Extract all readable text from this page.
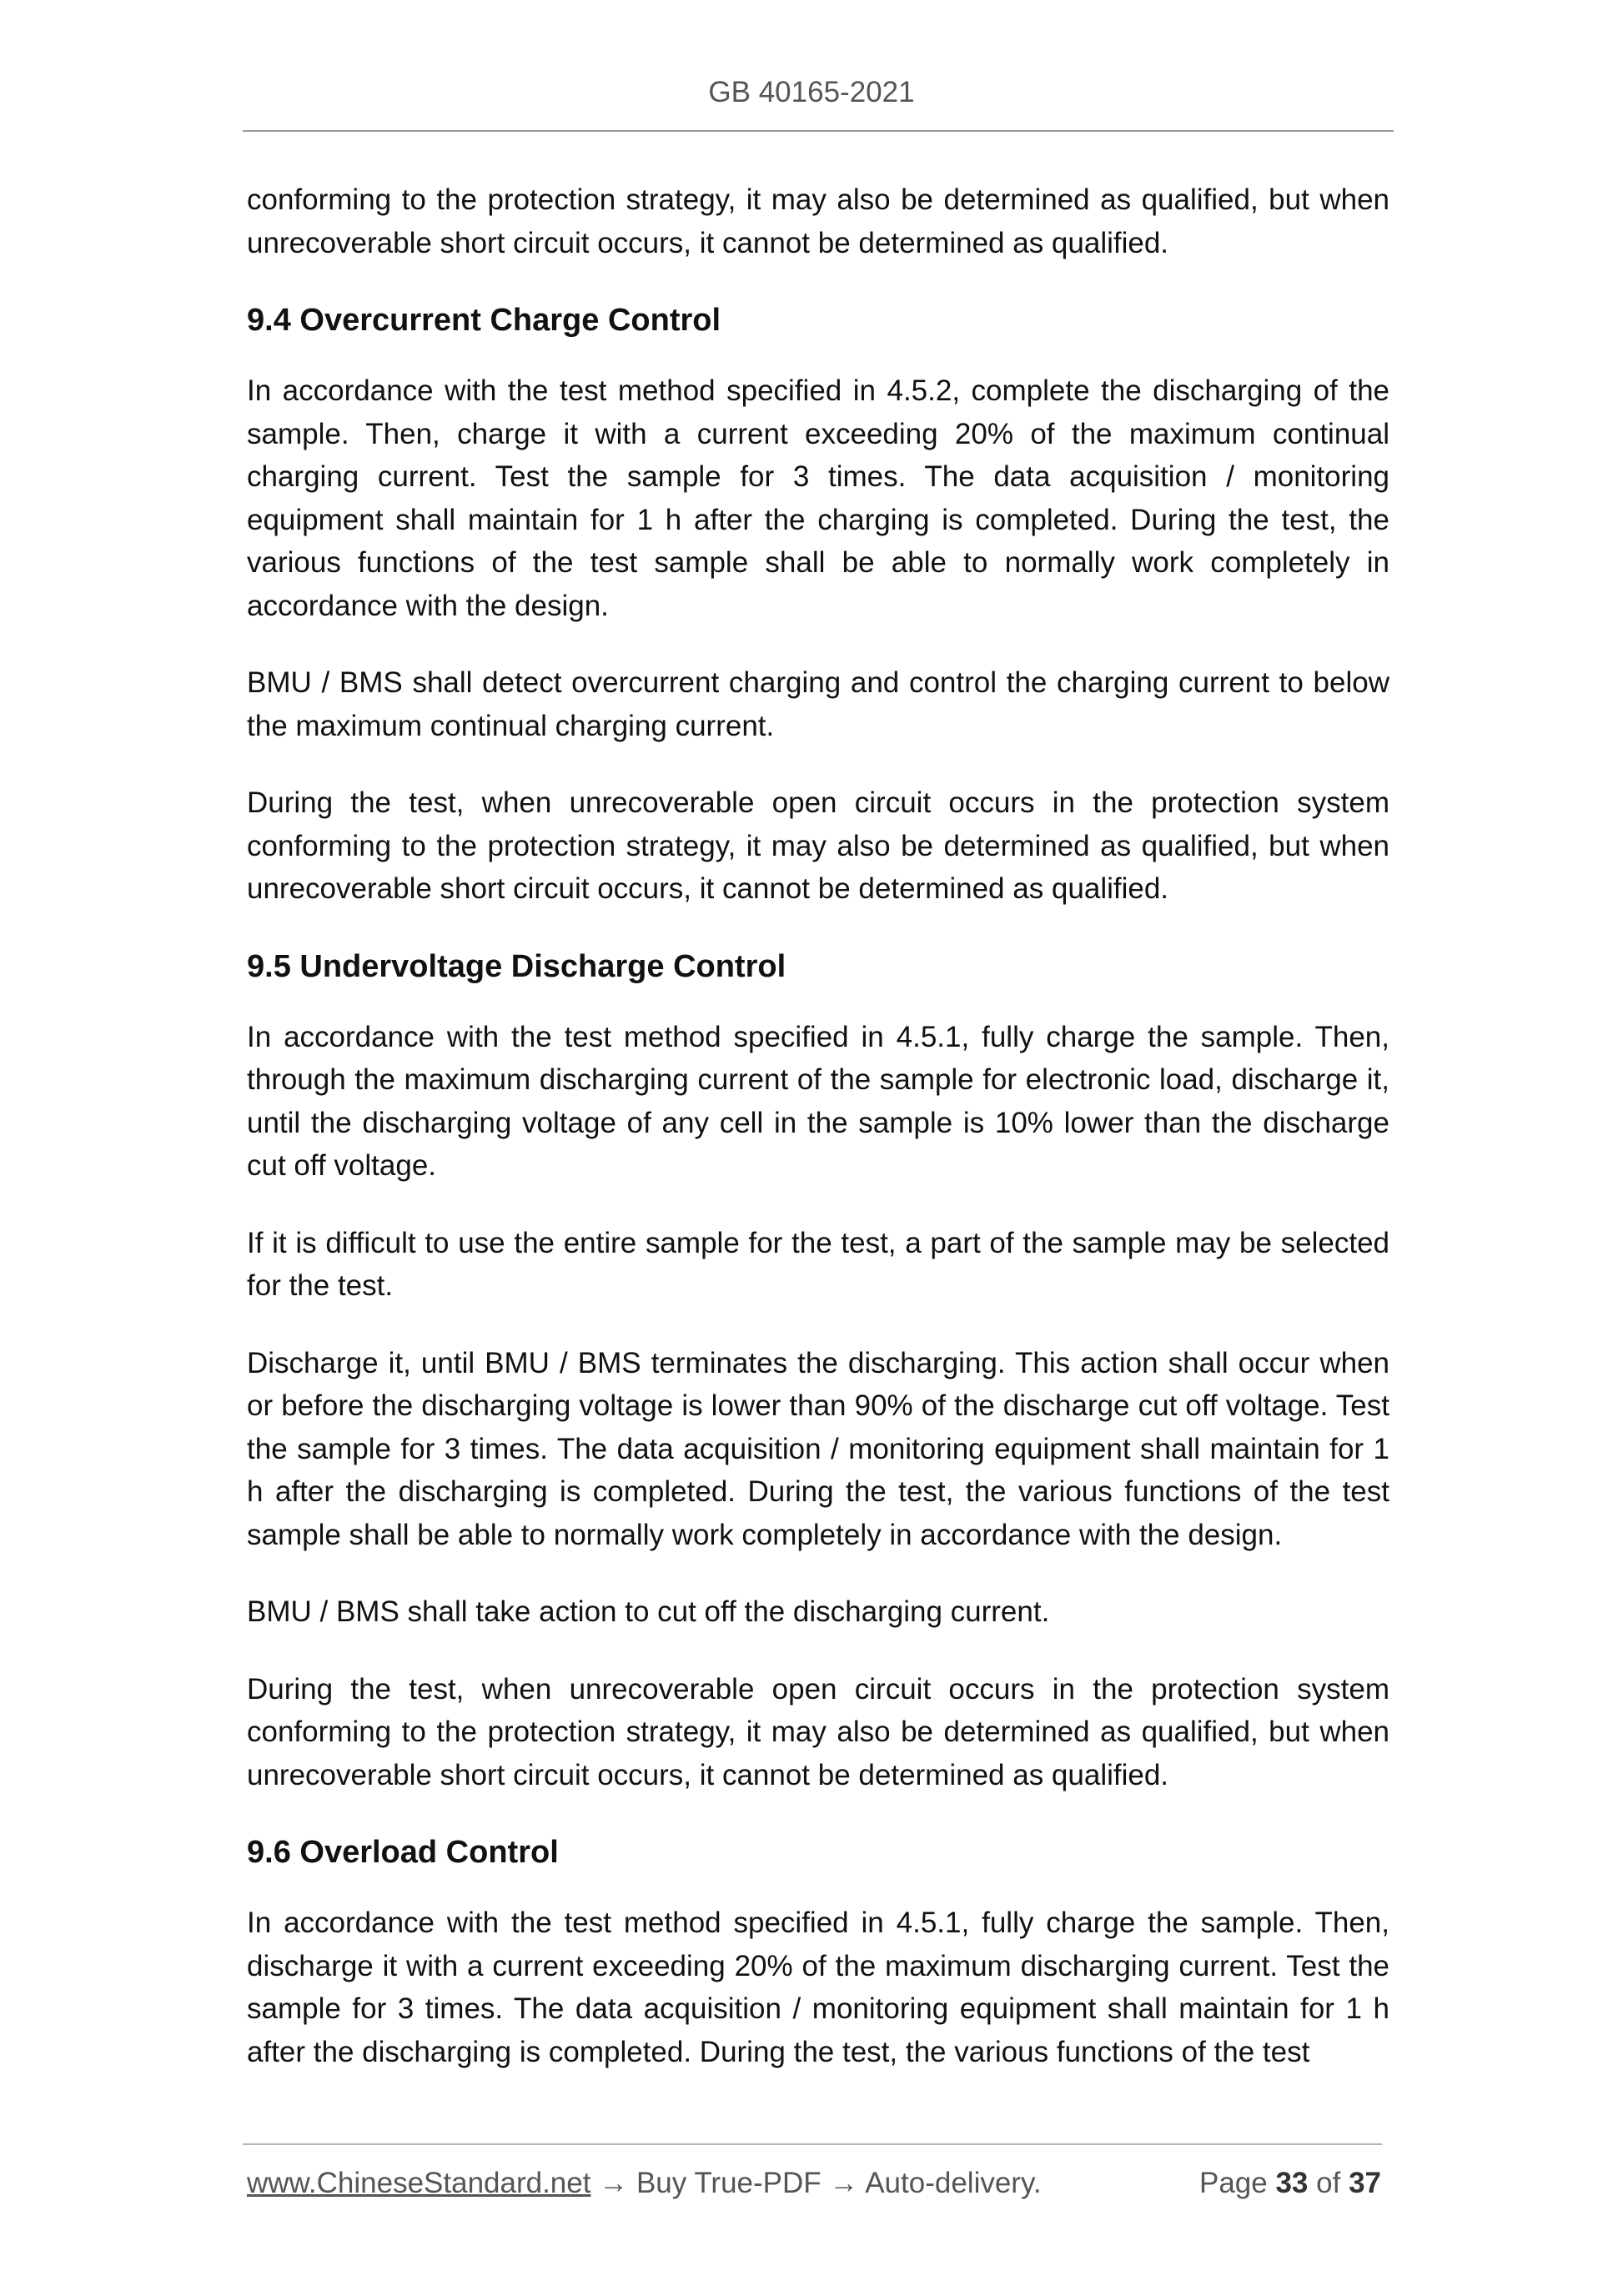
GB 40165-2021

conforming to the protection strategy, it may also be determined as qualified, but when unrecoverable short circuit occurs, it cannot be determined as qualified.

9.4 Overcurrent Charge Control

In accordance with the test method specified in 4.5.2, complete the discharging of the sample. Then, charge it with a current exceeding 20% of the maximum continual charging current. Test the sample for 3 times. The data acquisition / monitoring equipment shall maintain for 1 h after the charging is completed. During the test, the various functions of the test sample shall be able to normally work completely in accordance with the design.

BMU / BMS shall detect overcurrent charging and control the charging current to below the maximum continual charging current.

During the test, when unrecoverable open circuit occurs in the protection system conforming to the protection strategy, it may also be determined as qualified, but when unrecoverable short circuit occurs, it cannot be determined as qualified.

9.5 Undervoltage Discharge Control

In accordance with the test method specified in 4.5.1, fully charge the sample. Then, through the maximum discharging current of the sample for electronic load, discharge it, until the discharging voltage of any cell in the sample is 10% lower than the discharge cut off voltage.

If it is difficult to use the entire sample for the test, a part of the sample may be selected for the test.

Discharge it, until BMU / BMS terminates the discharging. This action shall occur when or before the discharging voltage is lower than 90% of the discharge cut off voltage. Test the sample for 3 times. The data acquisition / monitoring equipment shall maintain for 1 h after the discharging is completed. During the test, the various functions of the test sample shall be able to normally work completely in accordance with the design.

BMU / BMS shall take action to cut off the discharging current.

During the test, when unrecoverable open circuit occurs in the protection system conforming to the protection strategy, it may also be determined as qualified, but when unrecoverable short circuit occurs, it cannot be determined as qualified.

9.6 Overload Control

In accordance with the test method specified in 4.5.1, fully charge the sample. Then, discharge it with a current exceeding 20% of the maximum discharging current. Test the sample for 3 times. The data acquisition / monitoring equipment shall maintain for 1 h after the discharging is completed. During the test, the various functions of the test

www.ChineseStandard.net → Buy True-PDF → Auto-delivery.	Page 33 of 37
